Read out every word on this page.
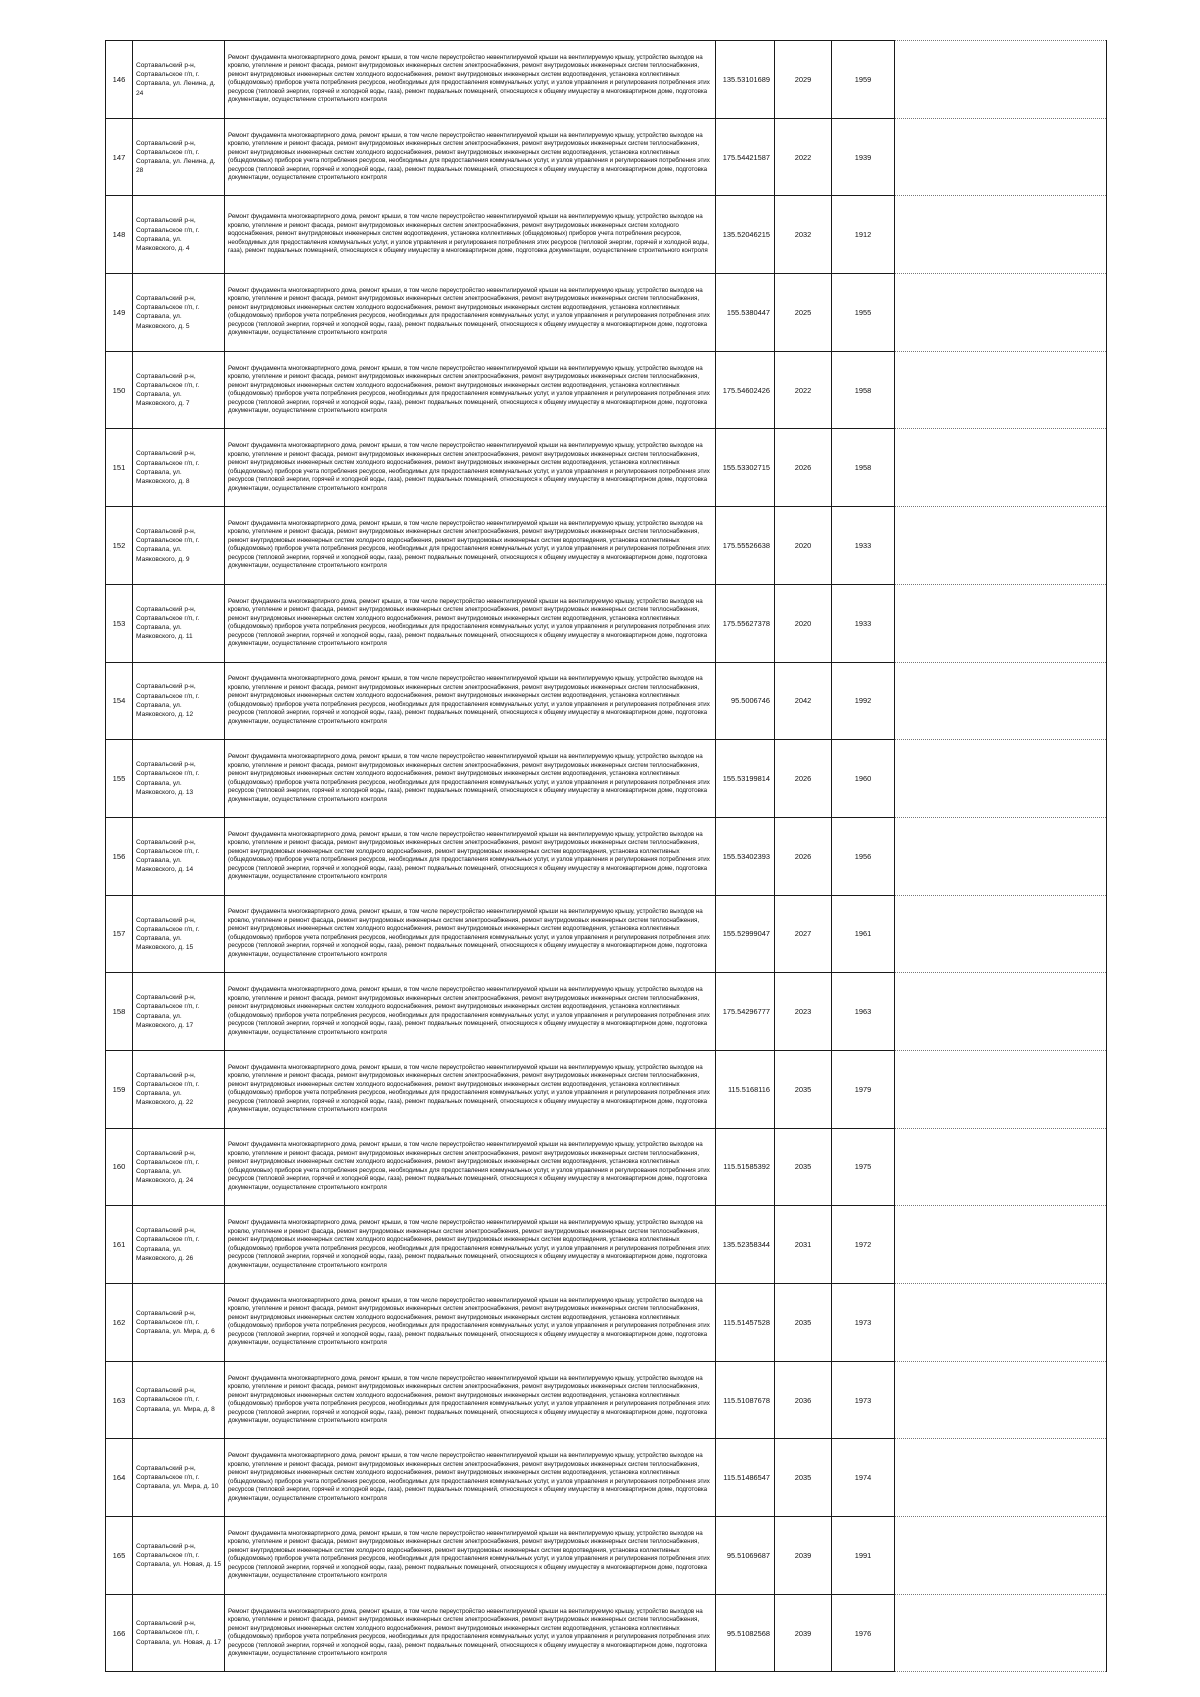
146	Сортавальский р-н, Сортавальское г/п, г. Сортавала, ул. Ленина, д. 24	Ремонт фундамента многоквартирного дома, ремонт крыши, в том числе переустройство невентилируемой крыши на вентилируемую крышу, устройство выходов на кровлю, утепление и ремонт фасада, ремонт внутридомовых инженерных систем электроснабжения, ремонт внутридомовых инженерных систем теплоснабжения, ремонт внутридомовых инженерных систем холодного водоснабжения, ремонт внутридомовых инженерных систем водоотведения, установка коллективных (общедомовых) приборов учета потребления ресурсов, необходимых для предоставления коммунальных услуг, и узлов управления и регулирования потребления этих ресурсов (тепловой энергии, горячей и холодной воды, газа), ремонт подвальных помещений, относящихся к общему имуществу в многоквартирном доме, подготовка документации, осуществление строительного контроля	135.53101689	2029	1959	
147	Сортавальский р-н, Сортавальское г/п, г. Сортавала, ул. Ленина, д. 28	Ремонт фундамента многоквартирного дома, ремонт крыши, в том числе переустройство невентилируемой крыши на вентилируемую крышу, устройство выходов на кровлю, утепление и ремонт фасада, ремонт внутридомовых инженерных систем электроснабжения, ремонт внутридомовых инженерных систем теплоснабжения, ремонт внутридомовых инженерных систем холодного водоснабжения, ремонт внутридомовых инженерных систем водоотведения, установка коллективных (общедомовых) приборов учета потребления ресурсов, необходимых для предоставления коммунальных услуг, и узлов управления и регулирования потребления этих ресурсов (тепловой энергии, горячей и холодной воды, газа), ремонт подвальных помещений, относящихся к общему имуществу в многоквартирном доме, подготовка документации, осуществление строительного контроля	175.54421587	2022	1939	
148	Сортавальский р-н, Сортавальское г/п, г. Сортавала, ул. Маяковского, д. 4	Ремонт фундамента многоквартирного дома, ремонт крыши, в том числе переустройство невентилируемой крыши на вентилируемую крышу, устройство выходов на кровлю, утепление и ремонт фасада, ремонт внутридомовых инженерных систем электроснабжения, ремонт внутридомовых инженерных систем холодного водоснабжения, ремонт внутридомовых инженерных систем водоотведения, установка коллективных (общедомовых) приборов учета потребления ресурсов, необходимых для предоставления коммунальных услуг, и узлов управления и регулирования потребления этих ресурсов (тепловой энергии, горячей и холодной воды, газа), ремонт подвальных помещений, относящихся к общему имуществу в многоквартирном доме, подготовка документации, осуществление строительного контроля	135.52046215	2032	1912	
149	Сортавальский р-н, Сортавальское г/п, г. Сортавала, ул. Маяковского, д. 5	Ремонт фундамента многоквартирного дома, ремонт крыши, в том числе переустройство невентилируемой крыши на вентилируемую крышу, устройство выходов на кровлю, утепление и ремонт фасада, ремонт внутридомовых инженерных систем электроснабжения, ремонт внутридомовых инженерных систем теплоснабжения, ремонт внутридомовых инженерных систем холодного водоснабжения, ремонт внутридомовых инженерных систем водоотведения, установка коллективных (общедомовых) приборов учета потребления ресурсов, необходимых для предоставления коммунальных услуг, и узлов управления и регулирования потребления этих ресурсов (тепловой энергии, горячей и холодной воды, газа), ремонт подвальных помещений, относящихся к общему имуществу в многоквартирном доме, подготовка документации, осуществление строительного контроля	155.5380447	2025	1955	
150	Сортавальский р-н, Сортавальское г/п, г. Сортавала, ул. Маяковского, д. 7	Ремонт фундамента многоквартирного дома, ремонт крыши, в том числе переустройство невентилируемой крыши на вентилируемую крышу, устройство выходов на кровлю, утепление и ремонт фасада, ремонт внутридомовых инженерных систем электроснабжения, ремонт внутридомовых инженерных систем теплоснабжения, ремонт внутридомовых инженерных систем холодного водоснабжения, ремонт внутридомовых инженерных систем водоотведения, установка коллективных (общедомовых) приборов учета потребления ресурсов, необходимых для предоставления коммунальных услуг, и узлов управления и регулирования потребления этих ресурсов (тепловой энергии, горячей и холодной воды, газа), ремонт подвальных помещений, относящихся к общему имуществу в многоквартирном доме, подготовка документации, осуществление строительного контроля	175.54602426	2022	1958	
151	Сортавальский р-н, Сортавальское г/п, г. Сортавала, ул. Маяковского, д. 8	Ремонт фундамента многоквартирного дома, ремонт крыши, в том числе переустройство невентилируемой крыши на вентилируемую крышу, устройство выходов на кровлю, утепление и ремонт фасада, ремонт внутридомовых инженерных систем электроснабжения, ремонт внутридомовых инженерных систем теплоснабжения, ремонт внутридомовых инженерных систем холодного водоснабжения, ремонт внутридомовых инженерных систем водоотведения, установка коллективных (общедомовых) приборов учета потребления ресурсов, необходимых для предоставления коммунальных услуг, и узлов управления и регулирования потребления этих ресурсов (тепловой энергии, горячей и холодной воды, газа), ремонт подвальных помещений, относящихся к общему имуществу в многоквартирном доме, подготовка документации, осуществление строительного контроля	155.53302715	2026	1958	
152	Сортавальский р-н, Сортавальское г/п, г. Сортавала, ул. Маяковского, д. 9	Ремонт фундамента многоквартирного дома, ремонт крыши, в том числе переустройство невентилируемой крыши на вентилируемую крышу, устройство выходов на кровлю, утепление и ремонт фасада, ремонт внутридомовых инженерных систем электроснабжения, ремонт внутридомовых инженерных систем теплоснабжения, ремонт внутридомовых инженерных систем холодного водоснабжения, ремонт внутридомовых инженерных систем водоотведения, установка коллективных (общедомовых) приборов учета потребления ресурсов, необходимых для предоставления коммунальных услуг, и узлов управления и регулирования потребления этих ресурсов (тепловой энергии, горячей и холодной воды, газа), ремонт подвальных помещений, относящихся к общему имуществу в многоквартирном доме, подготовка документации, осуществление строительного контроля	175.55526638	2020	1933	
153	Сортавальский р-н, Сортавальское г/п, г. Сортавала, ул. Маяковского, д. 11	Ремонт фундамента многоквартирного дома, ремонт крыши, в том числе переустройство невентилируемой крыши на вентилируемую крышу, устройство выходов на кровлю, утепление и ремонт фасада, ремонт внутридомовых инженерных систем электроснабжения, ремонт внутридомовых инженерных систем теплоснабжения, ремонт внутридомовых инженерных систем холодного водоснабжения, ремонт внутридомовых инженерных систем водоотведения, установка коллективных (общедомовых) приборов учета потребления ресурсов, необходимых для предоставления коммунальных услуг, и узлов управления и регулирования потребления этих ресурсов (тепловой энергии, горячей и холодной воды, газа), ремонт подвальных помещений, относящихся к общему имуществу в многоквартирном доме, подготовка документации, осуществление строительного контроля	175.55627378	2020	1933	
154	Сортавальский р-н, Сортавальское г/п, г. Сортавала, ул. Маяковского, д. 12	Ремонт фундамента многоквартирного дома, ремонт крыши, в том числе переустройство невентилируемой крыши на вентилируемую крышу, устройство выходов на кровлю, утепление и ремонт фасада, ремонт внутридомовых инженерных систем электроснабжения, ремонт внутридомовых инженерных систем теплоснабжения, ремонт внутридомовых инженерных систем холодного водоснабжения, ремонт внутридомовых инженерных систем водоотведения, установка коллективных (общедомовых) приборов учета потребления ресурсов, необходимых для предоставления коммунальных услуг, и узлов управления и регулирования потребления этих ресурсов (тепловой энергии, горячей и холодной воды, газа), ремонт подвальных помещений, относящихся к общему имуществу в многоквартирном доме, подготовка документации, осуществление строительного контроля	95.5006746	2042	1992	
155	Сортавальский р-н, Сортавальское г/п, г. Сортавала, ул. Маяковского, д. 13	Ремонт фундамента многоквартирного дома, ремонт крыши, в том числе переустройство невентилируемой крыши на вентилируемую крышу, устройство выходов на кровлю, утепление и ремонт фасада, ремонт внутридомовых инженерных систем электроснабжения, ремонт внутридомовых инженерных систем теплоснабжения, ремонт внутридомовых инженерных систем холодного водоснабжения, ремонт внутридомовых инженерных систем водоотведения, установка коллективных (общедомовых) приборов учета потребления ресурсов, необходимых для предоставления коммунальных услуг, и узлов управления и регулирования потребления этих ресурсов (тепловой энергии, горячей и холодной воды, газа), ремонт подвальных помещений, относящихся к общему имуществу в многоквартирном доме, подготовка документации, осуществление строительного контроля	155.53199814	2026	1960	
156	Сортавальский р-н, Сортавальское г/п, г. Сортавала, ул. Маяковского, д. 14	Ремонт фундамента многоквартирного дома, ремонт крыши, в том числе переустройство невентилируемой крыши на вентилируемую крышу, устройство выходов на кровлю, утепление и ремонт фасада, ремонт внутридомовых инженерных систем электроснабжения, ремонт внутридомовых инженерных систем теплоснабжения, ремонт внутридомовых инженерных систем холодного водоснабжения, ремонт внутридомовых инженерных систем водоотведения, установка коллективных (общедомовых) приборов учета потребления ресурсов, необходимых для предоставления коммунальных услуг, и узлов управления и регулирования потребления этих ресурсов (тепловой энергии, горячей и холодной воды, газа), ремонт подвальных помещений, относящихся к общему имуществу в многоквартирном доме, подготовка документации, осуществление строительного контроля	155.53402393	2026	1956	
157	Сортавальский р-н, Сортавальское г/п, г. Сортавала, ул. Маяковского, д. 15	Ремонт фундамента многоквартирного дома, ремонт крыши, в том числе переустройство невентилируемой крыши на вентилируемую крышу, устройство выходов на кровлю, утепление и ремонт фасада, ремонт внутридомовых инженерных систем электроснабжения, ремонт внутридомовых инженерных систем теплоснабжения, ремонт внутридомовых инженерных систем холодного водоснабжения, ремонт внутридомовых инженерных систем водоотведения, установка коллективных (общедомовых) приборов учета потребления ресурсов, необходимых для предоставления коммунальных услуг, и узлов управления и регулирования потребления этих ресурсов (тепловой энергии, горячей и холодной воды, газа), ремонт подвальных помещений, относящихся к общему имуществу в многоквартирном доме, подготовка документации, осуществление строительного контроля	155.52999047	2027	1961	
158	Сортавальский р-н, Сортавальское г/п, г. Сортавала, ул. Маяковского, д. 17	Ремонт фундамента многоквартирного дома, ремонт крыши, в том числе переустройство невентилируемой крыши на вентилируемую крышу, устройство выходов на кровлю, утепление и ремонт фасада, ремонт внутридомовых инженерных систем электроснабжения, ремонт внутридомовых инженерных систем теплоснабжения, ремонт внутридомовых инженерных систем холодного водоснабжения, ремонт внутридомовых инженерных систем водоотведения, установка коллективных (общедомовых) приборов учета потребления ресурсов, необходимых для предоставления коммунальных услуг, и узлов управления и регулирования потребления этих ресурсов (тепловой энергии, горячей и холодной воды, газа), ремонт подвальных помещений, относящихся к общему имуществу в многоквартирном доме, подготовка документации, осуществление строительного контроля	175.54296777	2023	1963	
159	Сортавальский р-н, Сортавальское г/п, г. Сортавала, ул. Маяковского, д. 22	Ремонт фундамента многоквартирного дома, ремонт крыши, в том числе переустройство невентилируемой крыши на вентилируемую крышу, устройство выходов на кровлю, утепление и ремонт фасада, ремонт внутридомовых инженерных систем электроснабжения, ремонт внутридомовых инженерных систем теплоснабжения, ремонт внутридомовых инженерных систем холодного водоснабжения, ремонт внутридомовых инженерных систем водоотведения, установка коллективных (общедомовых) приборов учета потребления ресурсов, необходимых для предоставления коммунальных услуг, и узлов управления и регулирования потребления этих ресурсов (тепловой энергии, горячей и холодной воды, газа), ремонт подвальных помещений, относящихся к общему имуществу в многоквартирном доме, подготовка документации, осуществление строительного контроля	115.5168116	2035	1979	
160	Сортавальский р-н, Сортавальское г/п, г. Сортавала, ул. Маяковского, д. 24	Ремонт фундамента многоквартирного дома, ремонт крыши, в том числе переустройство невентилируемой крыши на вентилируемую крышу, устройство выходов на кровлю, утепление и ремонт фасада, ремонт внутридомовых инженерных систем электроснабжения, ремонт внутридомовых инженерных систем теплоснабжения, ремонт внутридомовых инженерных систем холодного водоснабжения, ремонт внутридомовых инженерных систем водоотведения, установка коллективных (общедомовых) приборов учета потребления ресурсов, необходимых для предоставления коммунальных услуг, и узлов управления и регулирования потребления этих ресурсов (тепловой энергии, горячей и холодной воды, газа), ремонт подвальных помещений, относящихся к общему имуществу в многоквартирном доме, подготовка документации, осуществление строительного контроля	115.51585392	2035	1975	
161	Сортавальский р-н, Сортавальское г/п, г. Сортавала, ул. Маяковского, д. 26	Ремонт фундамента многоквартирного дома, ремонт крыши, в том числе переустройство невентилируемой крыши на вентилируемую крышу, устройство выходов на кровлю, утепление и ремонт фасада, ремонт внутридомовых инженерных систем электроснабжения, ремонт внутридомовых инженерных систем теплоснабжения, ремонт внутридомовых инженерных систем холодного водоснабжения, ремонт внутридомовых инженерных систем водоотведения, установка коллективных (общедомовых) приборов учета потребления ресурсов, необходимых для предоставления коммунальных услуг, и узлов управления и регулирования потребления этих ресурсов (тепловой энергии, горячей и холодной воды, газа), ремонт подвальных помещений, относящихся к общему имуществу в многоквартирном доме, подготовка документации, осуществление строительного контроля	135.52358344	2031	1972	
162	Сортавальский р-н, Сортавальское г/п, г. Сортавала, ул. Мира, д. 6	Ремонт фундамента многоквартирного дома, ремонт крыши, в том числе переустройство невентилируемой крыши на вентилируемую крышу, устройство выходов на кровлю, утепление и ремонт фасада, ремонт внутридомовых инженерных систем электроснабжения, ремонт внутридомовых инженерных систем теплоснабжения, ремонт внутридомовых инженерных систем холодного водоснабжения, ремонт внутридомовых инженерных систем водоотведения, установка коллективных (общедомовых) приборов учета потребления ресурсов, необходимых для предоставления коммунальных услуг, и узлов управления и регулирования потребления этих ресурсов (тепловой энергии, горячей и холодной воды, газа), ремонт подвальных помещений, относящихся к общему имуществу в многоквартирном доме, подготовка документации, осуществление строительного контроля	115.51457528	2035	1973	
163	Сортавальский р-н, Сортавальское г/п, г. Сортавала, ул. Мира, д. 8	Ремонт фундамента многоквартирного дома, ремонт крыши, в том числе переустройство невентилируемой крыши на вентилируемую крышу, устройство выходов на кровлю, утепление и ремонт фасада, ремонт внутридомовых инженерных систем электроснабжения, ремонт внутридомовых инженерных систем теплоснабжения, ремонт внутридомовых инженерных систем холодного водоснабжения, ремонт внутридомовых инженерных систем водоотведения, установка коллективных (общедомовых) приборов учета потребления ресурсов, необходимых для предоставления коммунальных услуг, и узлов управления и регулирования потребления этих ресурсов (тепловой энергии, горячей и холодной воды, газа), ремонт подвальных помещений, относящихся к общему имуществу в многоквартирном доме, подготовка документации, осуществление строительного контроля	115.51087678	2036	1973	
164	Сортавальский р-н, Сортавальское г/п, г. Сортавала, ул. Мира, д. 10	Ремонт фундамента многоквартирного дома, ремонт крыши, в том числе переустройство невентилируемой крыши на вентилируемую крышу, устройство выходов на кровлю, утепление и ремонт фасада, ремонт внутридомовых инженерных систем электроснабжения, ремонт внутридомовых инженерных систем теплоснабжения, ремонт внутридомовых инженерных систем холодного водоснабжения, ремонт внутридомовых инженерных систем водоотведения, установка коллективных (общедомовых) приборов учета потребления ресурсов, необходимых для предоставления коммунальных услуг, и узлов управления и регулирования потребления этих ресурсов (тепловой энергии, горячей и холодной воды, газа), ремонт подвальных помещений, относящихся к общему имуществу в многоквартирном доме, подготовка документации, осуществление строительного контроля	115.51486547	2035	1974	
165	Сортавальский р-н, Сортавальское г/п, г. Сортавала, ул. Новая, д. 15	Ремонт фундамента многоквартирного дома, ремонт крыши, в том числе переустройство невентилируемой крыши на вентилируемую крышу, устройство выходов на кровлю, утепление и ремонт фасада, ремонт внутридомовых инженерных систем электроснабжения, ремонт внутридомовых инженерных систем теплоснабжения, ремонт внутридомовых инженерных систем холодного водоснабжения, ремонт внутридомовых инженерных систем водоотведения, установка коллективных (общедомовых) приборов учета потребления ресурсов, необходимых для предоставления коммунальных услуг, и узлов управления и регулирования потребления этих ресурсов (тепловой энергии, горячей и холодной воды, газа), ремонт подвальных помещений, относящихся к общему имуществу в многоквартирном доме, подготовка документации, осуществление строительного контроля	95.51069687	2039	1991	
166	Сортавальский р-н, Сортавальское г/п, г. Сортавала, ул. Новая, д. 17	Ремонт фундамента многоквартирного дома, ремонт крыши, в том числе переустройство невентилируемой крыши на вентилируемую крышу, устройство выходов на кровлю, утепление и ремонт фасада, ремонт внутридомовых инженерных систем электроснабжения, ремонт внутридомовых инженерных систем теплоснабжения, ремонт внутридомовых инженерных систем холодного водоснабжения, ремонт внутридомовых инженерных систем водоотведения, установка коллективных (общедомовых) приборов учета потребления ресурсов, необходимых для предоставления коммунальных услуг, и узлов управления и регулирования потребления этих ресурсов (тепловой энергии, горячей и холодной воды, газа), ремонт подвальных помещений, относящихся к общему имуществу в многоквартирном доме, подготовка документации, осуществление строительного контроля	95.51082568	2039	1976	
